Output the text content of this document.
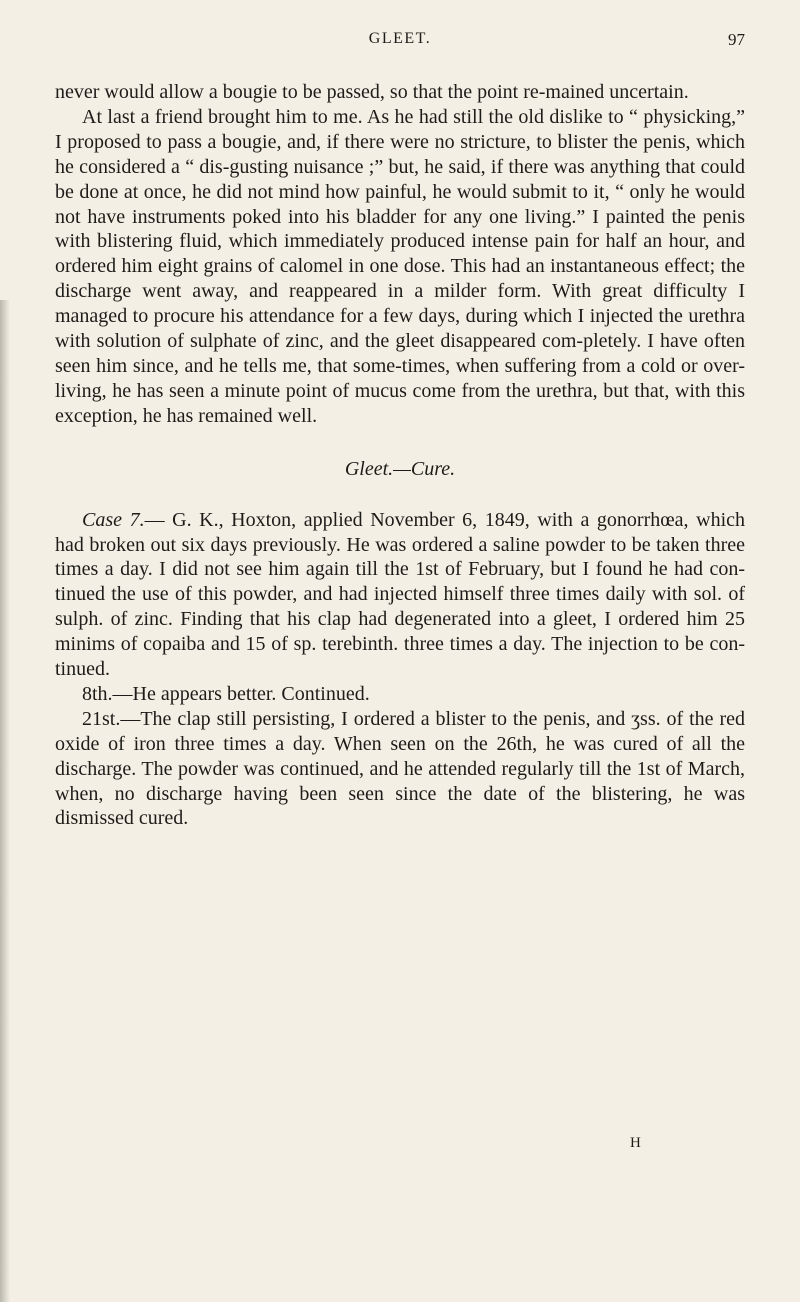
GLEET.	97

never would allow a bougie to be passed, so that the point re-mained uncertain.

At last a friend brought him to me. As he had still the old dislike to “ physicking,” I proposed to pass a bougie, and, if there were no stricture, to blister the penis, which he considered a “ dis-gusting nuisance ;” but, he said, if there was anything that could be done at once, he did not mind how painful, he would submit to it, “ only he would not have instruments poked into his bladder for any one living.” I painted the penis with blistering fluid, which immediately produced intense pain for half an hour, and ordered him eight grains of calomel in one dose. This had an instantaneous effect; the discharge went away, and reappeared in a milder form. With great difficulty I managed to procure his attendance for a few days, during which I injected the urethra with solution of sulphate of zinc, and the gleet disappeared com-pletely. I have often seen him since, and he tells me, that some-times, when suffering from a cold or over-living, he has seen a minute point of mucus come from the urethra, but that, with this exception, he has remained well.

Gleet.—Cure.

Case 7.— G. K., Hoxton, applied November 6, 1849, with a gonorrhœa, which had broken out six days previously. He was ordered a saline powder to be taken three times a day. I did not see him again till the 1st of February, but I found he had con-tinued the use of this powder, and had injected himself three times daily with sol. of sulph. of zinc. Finding that his clap had degenerated into a gleet, I ordered him 25 minims of copaiba and 15 of sp. terebinth. three times a day. The injection to be con-tinued.

8th.—He appears better. Continued.

21st.—The clap still persisting, I ordered a blister to the penis, and ʒss. of the red oxide of iron three times a day. When seen on the 26th, he was cured of all the discharge. The powder was continued, and he attended regularly till the 1st of March, when, no discharge having been seen since the date of the blistering, he was dismissed cured.

H
